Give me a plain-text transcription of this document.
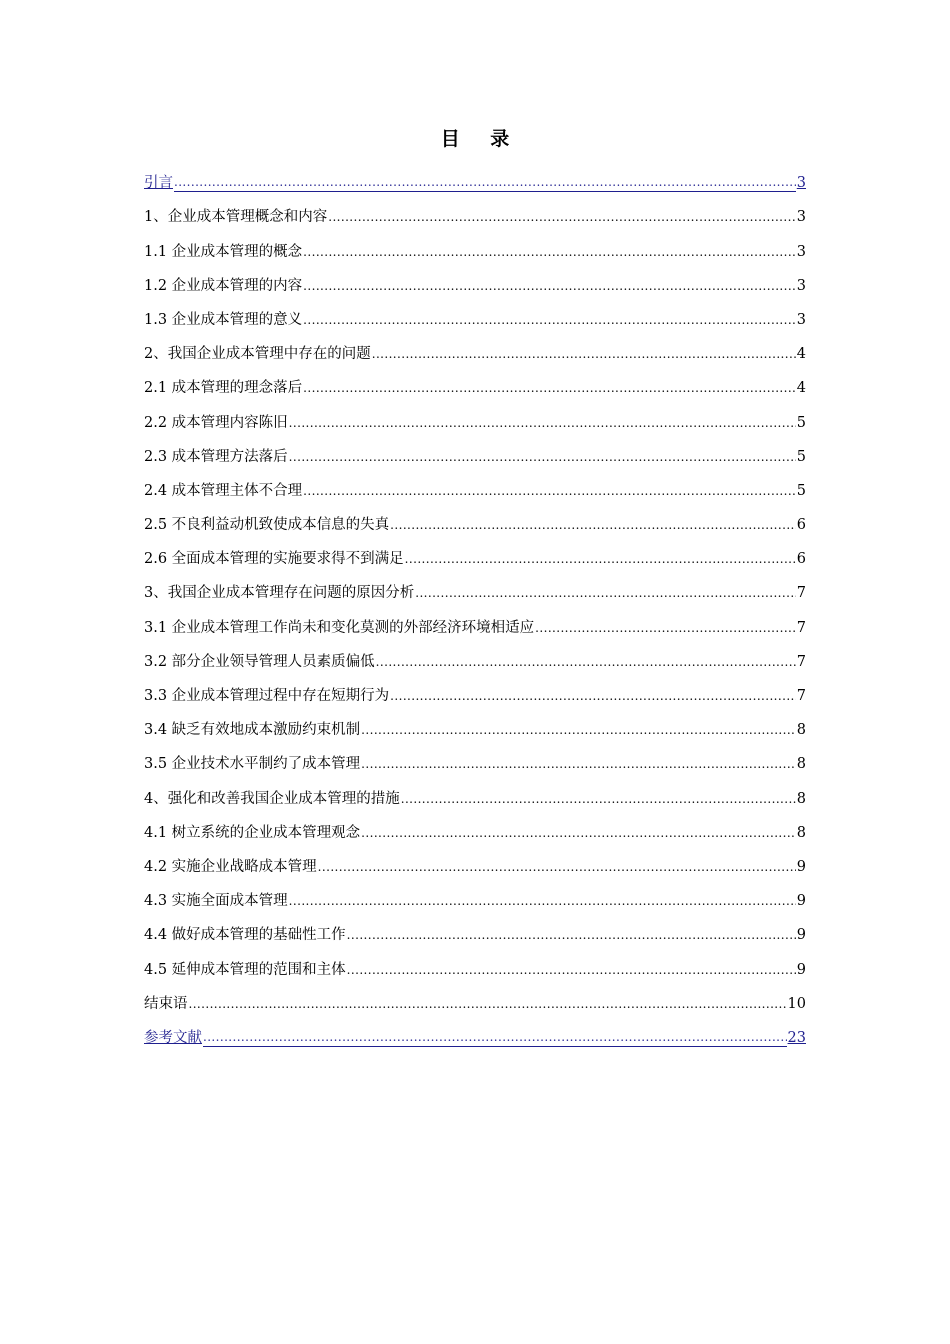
目 录
引言 .....	3
1、企业成本管理概念和内容 .....	3
1.1 企业成本管理的概念 .....	3
1.2 企业成本管理的内容 .....	3
1.3 企业成本管理的意义 .....	3
2、我国企业成本管理中存在的问题 .....	4
2.1 成本管理的理念落后 .....	4
2.2 成本管理内容陈旧 .....	5
2.3 成本管理方法落后 .....	5
2.4 成本管理主体不合理 .....	5
2.5 不良利益动机致使成本信息的失真 .....	6
2.6 全面成本管理的实施要求得不到满足 .....	6
3、我国企业成本管理存在问题的原因分析 .....	7
3.1 企业成本管理工作尚未和变化莫测的外部经济环境相适应 .....	7
3.2 部分企业领导管理人员素质偏低 .....	7
3.3 企业成本管理过程中存在短期行为 .....	7
3.4 缺乏有效地成本激励约束机制 .....	8
3.5 企业技术水平制约了成本管理 .....	8
4、强化和改善我国企业成本管理的措施 .....	8
4.1 树立系统的企业成本管理观念 .....	8
4.2 实施企业战略成本管理 .....	9
4.3 实施全面成本管理 .....	9
4.4 做好成本管理的基础性工作 .....	9
4.5 延伸成本管理的范围和主体 .....	9
结束语 .....	10
参考文献 .....	23
